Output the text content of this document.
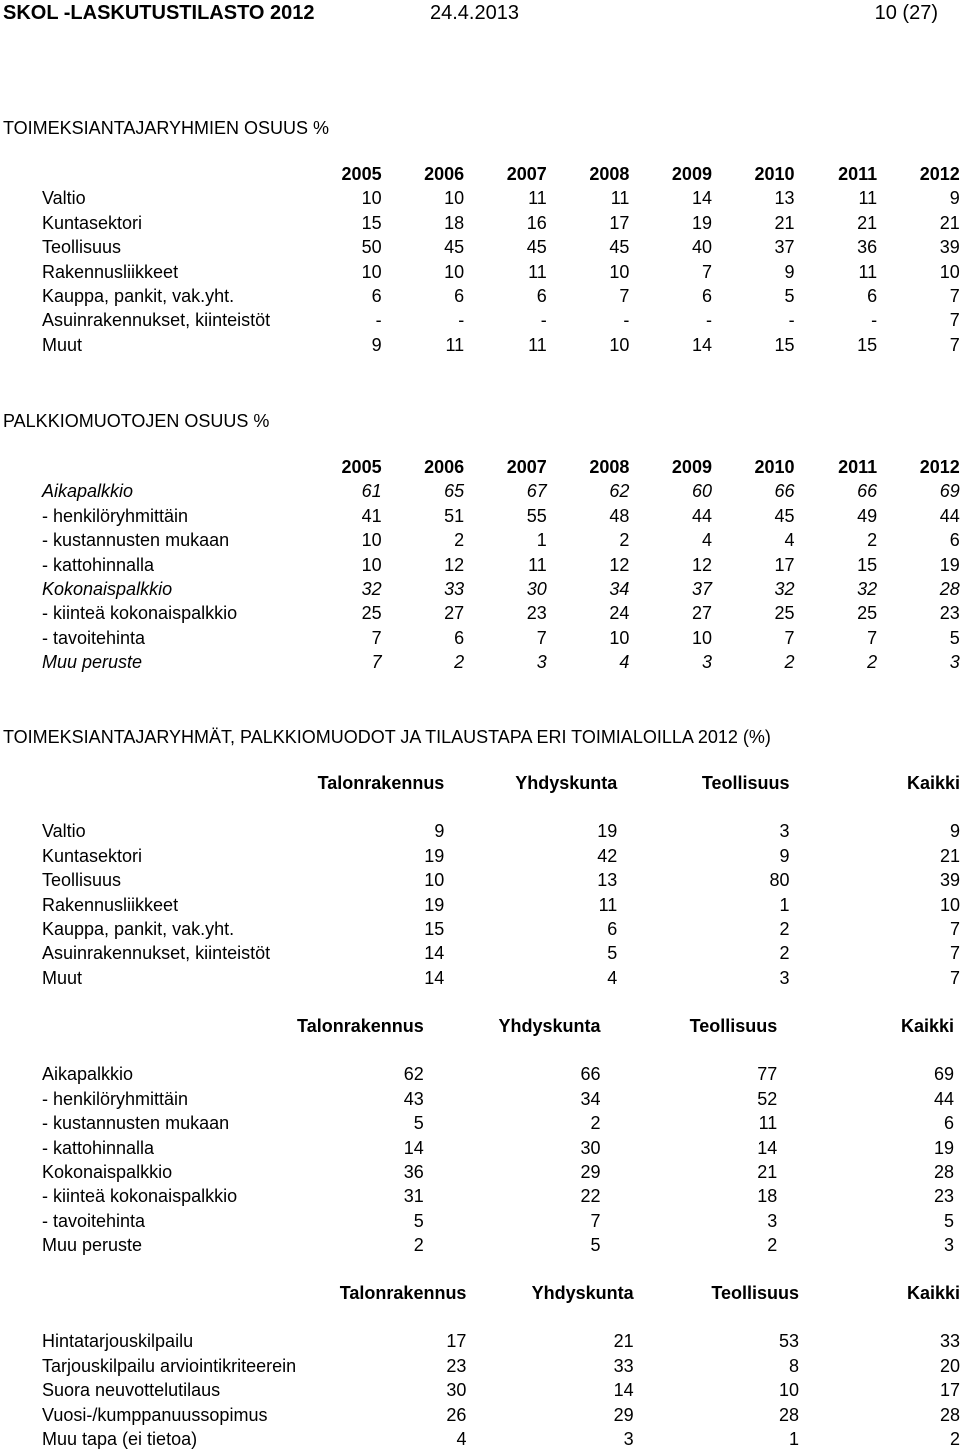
SKOL -LASKUTUSTILASTO 2012	24.4.2013	10 (27)
TOIMEKSIANTAJARYHMIEN OSUUS %
	2005	2006	2007	2008	2009	2010	2011	2012
Valtio	10	10	11	11	14	13	11	9
Kuntasektori	15	18	16	17	19	21	21	21
Teollisuus	50	45	45	45	40	37	36	39
Rakennusliikkeet	10	10	11	10	7	9	11	10
Kauppa, pankit, vak.yht.	6	6	6	7	6	5	6	7
Asuinrakennukset, kiinteistöt	-	-	-	-	-	-	-	7
Muut	9	11	11	10	14	15	15	7
PALKKIOMUOTOJEN OSUUS %
	2005	2006	2007	2008	2009	2010	2011	2012
Aikapalkkio	61	65	67	62	60	66	66	69
- henkilöryhmittäin	41	51	55	48	44	45	49	44
- kustannusten mukaan	10	2	1	2	4	4	2	6
- kattohinnalla	10	12	11	12	12	17	15	19
Kokonaispalkkio	32	33	30	34	37	32	32	28
- kiinteä kokonaispalkkio	25	27	23	24	27	25	25	23
- tavoitehinta	7	6	7	10	10	7	7	5
Muu peruste	7	2	3	4	3	2	2	3
TOIMEKSIANTAJARYHMÄT, PALKKIOMUODOT JA TILAUSTAPA ERI TOIMIALOILLA 2012 (%)
	Talonrakennus	Yhdyskunta	Teollisuus	Kaikki

Valtio	9	19	3	9
Kuntasektori	19	42	9	21
Teollisuus	10	13	80	39
Rakennusliikkeet	19	11	1	10
Kauppa, pankit, vak.yht.	15	6	2	7
Asuinrakennukset, kiinteistöt	14	5	2	7
Muut	14	4	3	7
	Talonrakennus	Yhdyskunta	Teollisuus	Kaikki

Aikapalkkio	62	66	77	69
- henkilöryhmittäin	43	34	52	44
- kustannusten mukaan	5	2	11	6
- kattohinnalla	14	30	14	19
Kokonaispalkkio	36	29	21	28
- kiinteä kokonaispalkkio	31	22	18	23
- tavoitehinta	5	7	3	5
Muu peruste	2	5	2	3
	Talonrakennus	Yhdyskunta	Teollisuus	Kaikki

Hintatarjouskilpailu	17	21	53	33
Tarjouskilpailu arviointikriteerein	23	33	8	20
Suora neuvottelutilaus	30	14	10	17
Vuosi-/kumppanuussopimus	26	29	28	28
Muu tapa (ei tietoa)	4	3	1	2
